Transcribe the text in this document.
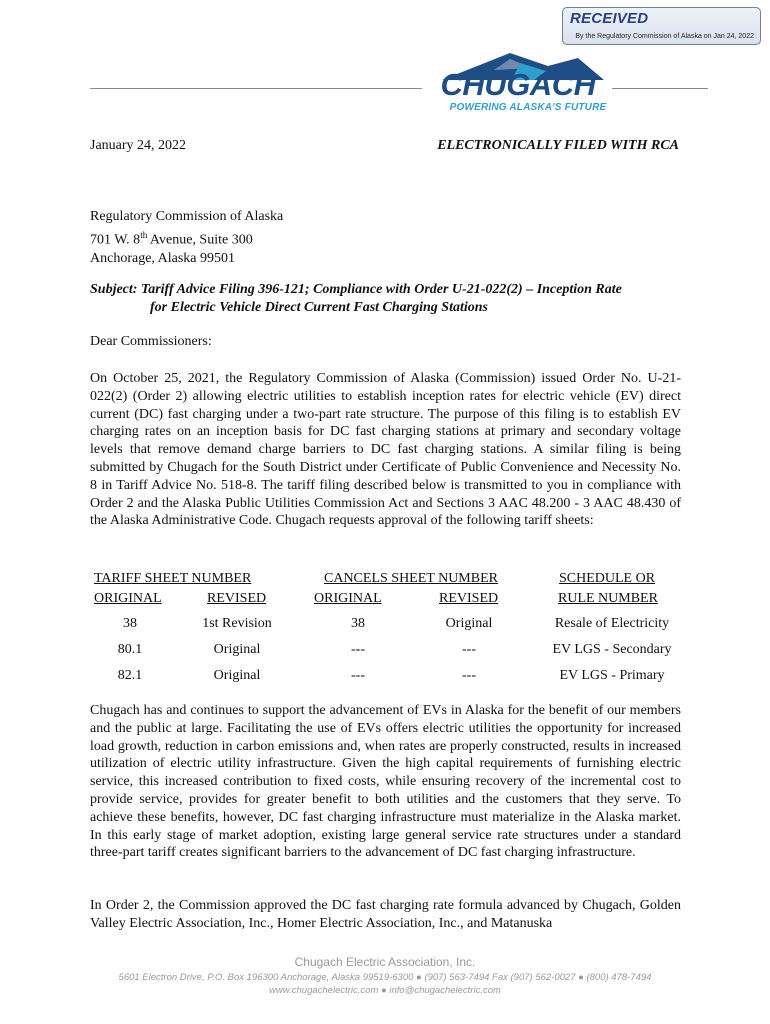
RECEIVED
By the Regulatory Commission of Alaska on Jan 24, 2022
CHUGACH
POWERING ALASKA'S FUTURE
January 24, 2022	ELECTRONICALLY FILED WITH RCA
Regulatory Commission of Alaska
701 W. 8th Avenue, Suite 300
Anchorage, Alaska 99501
Subject: Tariff Advice Filing 396-121; Compliance with Order U-21-022(2) – Inception Rate
for Electric Vehicle Direct Current Fast Charging Stations
Dear Commissioners:
On October 25, 2021, the Regulatory Commission of Alaska (Commission) issued Order No. U-21-022(2) (Order 2) allowing electric utilities to establish inception rates for electric vehicle (EV) direct current (DC) fast charging under a two-part rate structure. The purpose of this filing is to establish EV charging rates on an inception basis for DC fast charging stations at primary and secondary voltage levels that remove demand charge barriers to DC fast charging stations. A similar filing is being submitted by Chugach for the South District under Certificate of Public Convenience and Necessity No. 8 in Tariff Advice No. 518-8. The tariff filing described below is transmitted to you in compliance with Order 2 and the Alaska Public Utilities Commission Act and Sections 3 AAC 48.200 - 3 AAC 48.430 of the Alaska Administrative Code. Chugach requests approval of the following tariff sheets:
TARIFF SHEET NUMBER	CANCELS SHEET NUMBER	SCHEDULE OR
ORIGINAL	REVISED	ORIGINAL	REVISED	RULE NUMBER
38	1st Revision	38	Original	Resale of Electricity
80.1	Original	---	---	EV LGS - Secondary
82.1	Original	---	---	EV LGS - Primary
Chugach has and continues to support the advancement of EVs in Alaska for the benefit of our members and the public at large. Facilitating the use of EVs offers electric utilities the opportunity for increased load growth, reduction in carbon emissions and, when rates are properly constructed, results in increased utilization of electric utility infrastructure. Given the high capital requirements of furnishing electric service, this increased contribution to fixed costs, while ensuring recovery of the incremental cost to provide service, provides for greater benefit to both utilities and the customers that they serve. To achieve these benefits, however, DC fast charging infrastructure must materialize in the Alaska market. In this early stage of market adoption, existing large general service rate structures under a standard three-part tariff creates significant barriers to the advancement of DC fast charging infrastructure.
In Order 2, the Commission approved the DC fast charging rate formula advanced by Chugach, Golden Valley Electric Association, Inc., Homer Electric Association, Inc., and Matanuska
Chugach Electric Association, Inc.
5601 Electron Drive, P.O. Box 196300 Anchorage, Alaska 99519-6300 ● (907) 563-7494 Fax (907) 562-0027 ● (800) 478-7494
www.chugachelectric.com ● info@chugachelectric.com
